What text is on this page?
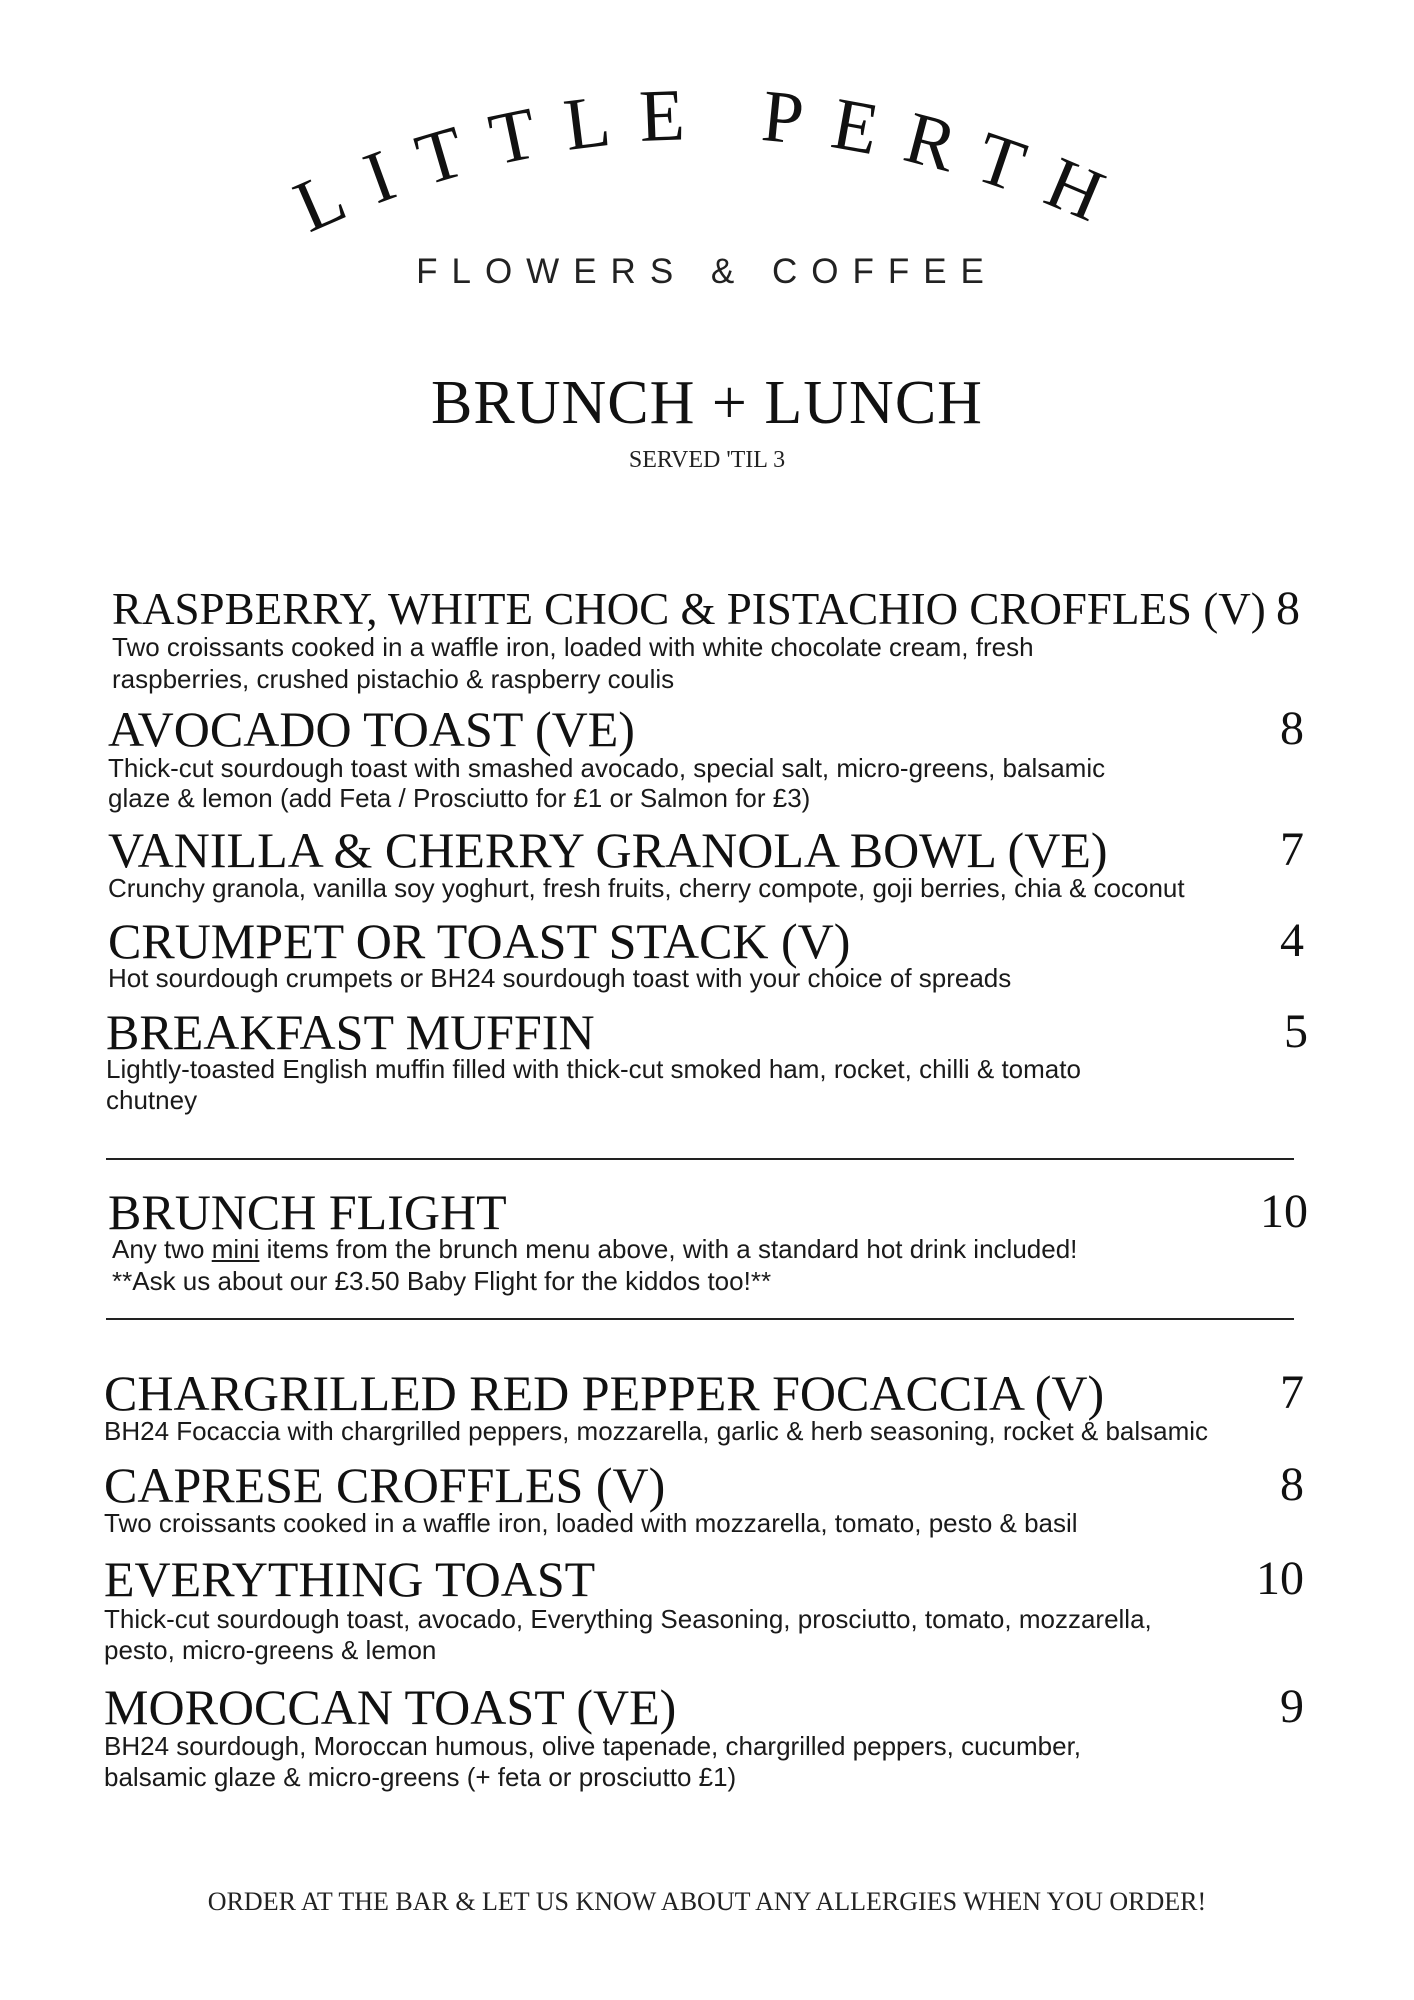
LITTLE PERTH
FLOWERS & COFFEE
BRUNCH + LUNCH
SERVED 'TIL 3
RASPBERRY, WHITE CHOC & PISTACHIO CROFFLES (V) 8
Two croissants cooked in a waffle iron, loaded with white chocolate cream, fresh
raspberries, crushed pistachio & raspberry coulis
AVOCADO TOAST (VE)	8
Thick-cut sourdough toast with smashed avocado, special salt, micro-greens, balsamic
glaze & lemon (add Feta / Prosciutto for £1 or Salmon for £3)
VANILLA & CHERRY GRANOLA BOWL (VE)	7
Crunchy granola, vanilla soy yoghurt, fresh fruits, cherry compote, goji berries, chia & coconut
CRUMPET OR TOAST STACK (V)	4
Hot sourdough crumpets or BH24 sourdough toast with your choice of spreads
BREAKFAST MUFFIN	5
Lightly-toasted English muffin filled with thick-cut smoked ham, rocket, chilli & tomato
chutney
BRUNCH FLIGHT	10
Any two mini items from the brunch menu above, with a standard hot drink included!
**Ask us about our £3.50 Baby Flight for the kiddos too!**
CHARGRILLED RED PEPPER FOCACCIA (V)	7
BH24 Focaccia with chargrilled peppers, mozzarella, garlic & herb seasoning, rocket & balsamic
CAPRESE CROFFLES (V)	8
Two croissants cooked in a waffle iron, loaded with mozzarella, tomato, pesto & basil
EVERYTHING TOAST	10
Thick-cut sourdough toast, avocado, Everything Seasoning, prosciutto, tomato, mozzarella,
pesto, micro-greens & lemon
MOROCCAN TOAST (VE)	9
BH24 sourdough, Moroccan humous, olive tapenade, chargrilled peppers, cucumber,
balsamic glaze & micro-greens (+ feta or prosciutto £1)
ORDER AT THE BAR & LET US KNOW ABOUT ANY ALLERGIES WHEN YOU ORDER!
